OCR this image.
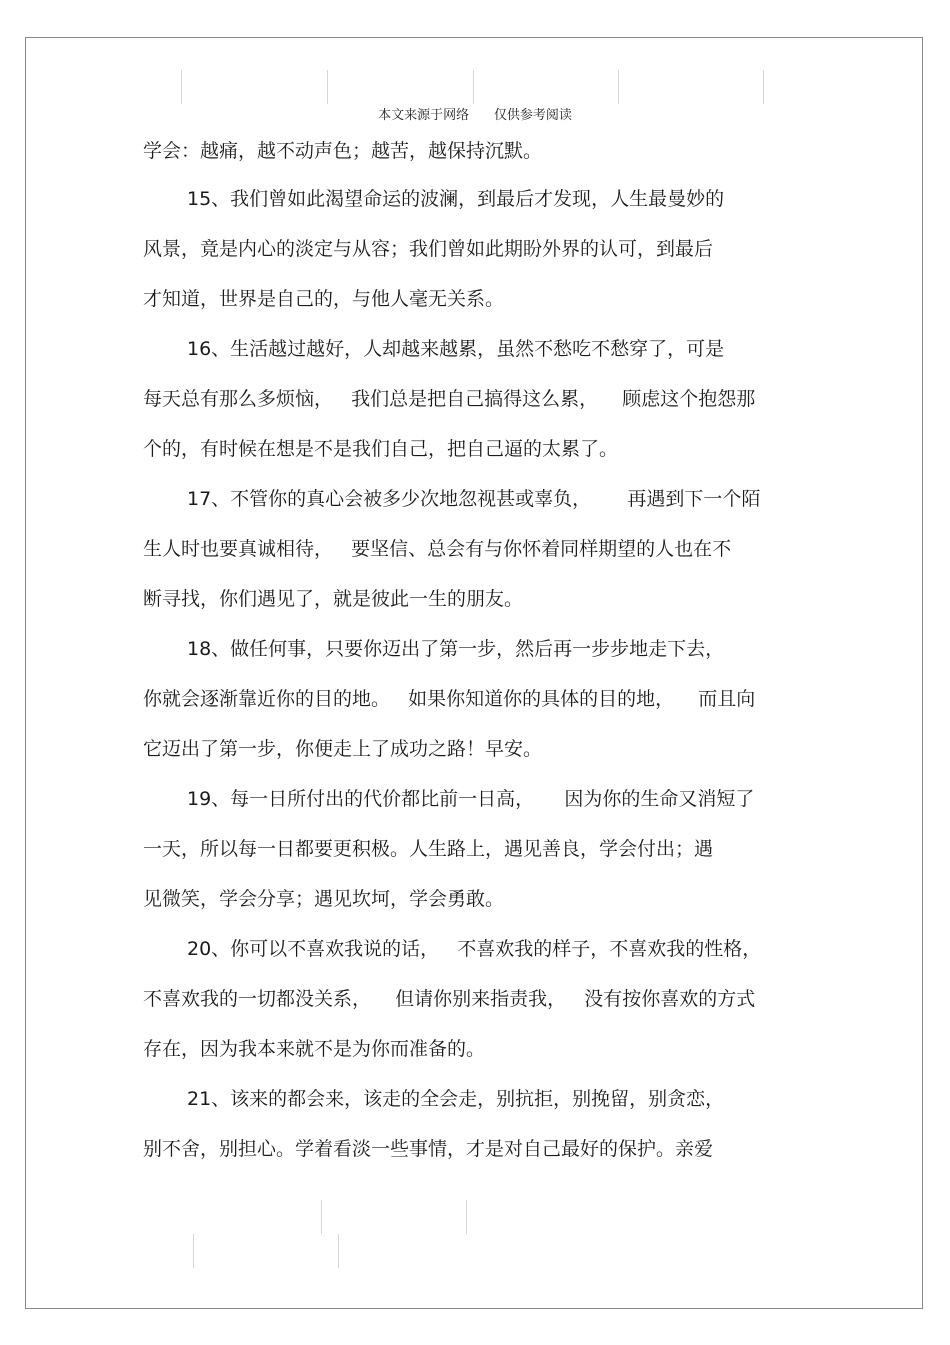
本文来源于网络      仅供参考阅读
学会：越痛，越不动声色；越苦，越保持沉默。
15、我们曾如此渴望命运的波澜，到最后才发现，人生最曼妙的
风景，竟是内心的淡定与从容；我们曾如此期盼外界的认可，到最后
才知道，世界是自己的，与他人毫无关系。
16、生活越过越好，人却越来越累，虽然不愁吃不愁穿了，可是
每天总有那么多烦恼，   我们总是把自己搞得这么累，    顾虑这个抱怨那
个的，有时候在想是不是我们自己，把自己逼的太累了。
17、不管你的真心会被多少次地忽视甚或辜负，      再遇到下一个陌
生人时也要真诚相待，   要坚信、总会有与你怀着同样期望的人也在不
断寻找，你们遇见了，就是彼此一生的朋友。
18、做任何事，只要你迈出了第一步，然后再一步步地走下去，
你就会逐渐靠近你的目的地。   如果你知道你的具体的目的地，    而且向
它迈出了第一步，你便走上了成功之路！早安。
19、每一日所付出的代价都比前一日高，     因为你的生命又消短了
一天，所以每一日都要更积极。人生路上，遇见善良，学会付出；遇
见微笑，学会分享；遇见坎坷，学会勇敢。
20、你可以不喜欢我说的话，   不喜欢我的样子，不喜欢我的性格，
不喜欢我的一切都没关系，    但请你别来指责我，   没有按你喜欢的方式
存在，因为我本来就不是为你而准备的。
21、该来的都会来，该走的全会走，别抗拒，别挽留，别贪恋，
别不舍，别担心。学着看淡一些事情，才是对自己最好的保护。亲爱
